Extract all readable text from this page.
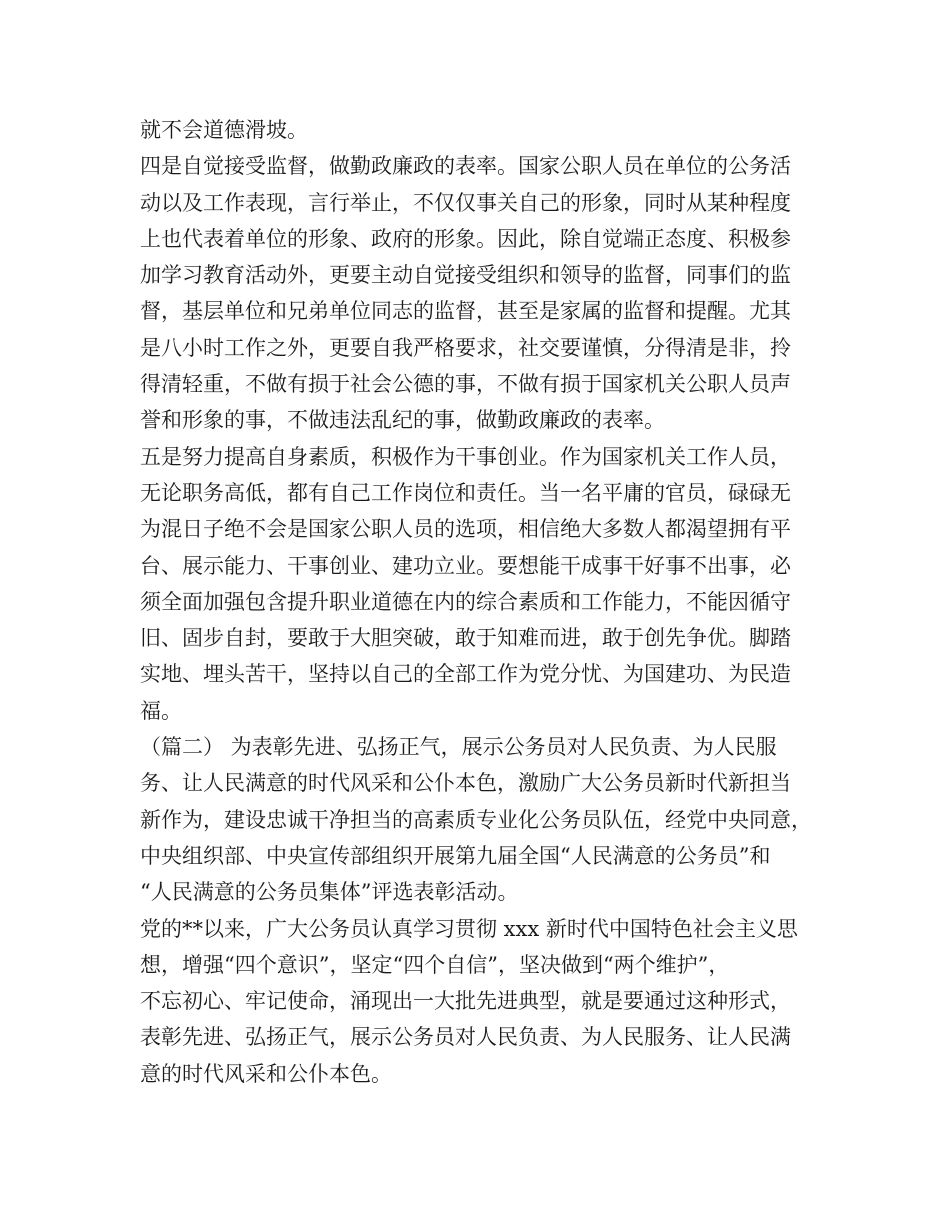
就不会道德滑坡。
四是自觉接受监督，做勤政廉政的表率。国家公职人员在单位的公务活
动以及工作表现，言行举止，不仅仅事关自己的形象，同时从某种程度
上也代表着单位的形象、政府的形象。因此，除自觉端正态度、积极参
加学习教育活动外，更要主动自觉接受组织和领导的监督，同事们的监
督，基层单位和兄弟单位同志的监督，甚至是家属的监督和提醒。尤其
是八小时工作之外，更要自我严格要求，社交要谨慎，分得清是非，拎
得清轻重，不做有损于社会公德的事，不做有损于国家机关公职人员声
誉和形象的事，不做违法乱纪的事，做勤政廉政的表率。
五是努力提高自身素质，积极作为干事创业。作为国家机关工作人员，
无论职务高低，都有自己工作岗位和责任。当一名平庸的官员，碌碌无
为混日子绝不会是国家公职人员的选项，相信绝大多数人都渴望拥有平
台、展示能力、干事创业、建功立业。要想能干成事干好事不出事，必
须全面加强包含提升职业道德在内的综合素质和工作能力，不能因循守
旧、固步自封，要敢于大胆突破，敢于知难而进，敢于创先争优。脚踏
实地、埋头苦干，坚持以自己的全部工作为党分忧、为国建功、为民造
福。
（篇二） 为表彰先进、弘扬正气，展示公务员对人民负责、为人民服
务、让人民满意的时代风采和公仆本色，激励广大公务员新时代新担当
新作为，建设忠诚干净担当的高素质专业化公务员队伍，经党中央同意，
中央组织部、中央宣传部组织开展第九届全国“人民满意的公务员”和
“人民满意的公务员集体”评选表彰活动。
党的**以来，广大公务员认真学习贯彻 xxx 新时代中国特色社会主义思
想，增强“四个意识”，坚定“四个自信”，坚决做到“两个维护”，
不忘初心、牢记使命，涌现出一大批先进典型，就是要通过这种形式，
表彰先进、弘扬正气，展示公务员对人民负责、为人民服务、让人民满
意的时代风采和公仆本色。
